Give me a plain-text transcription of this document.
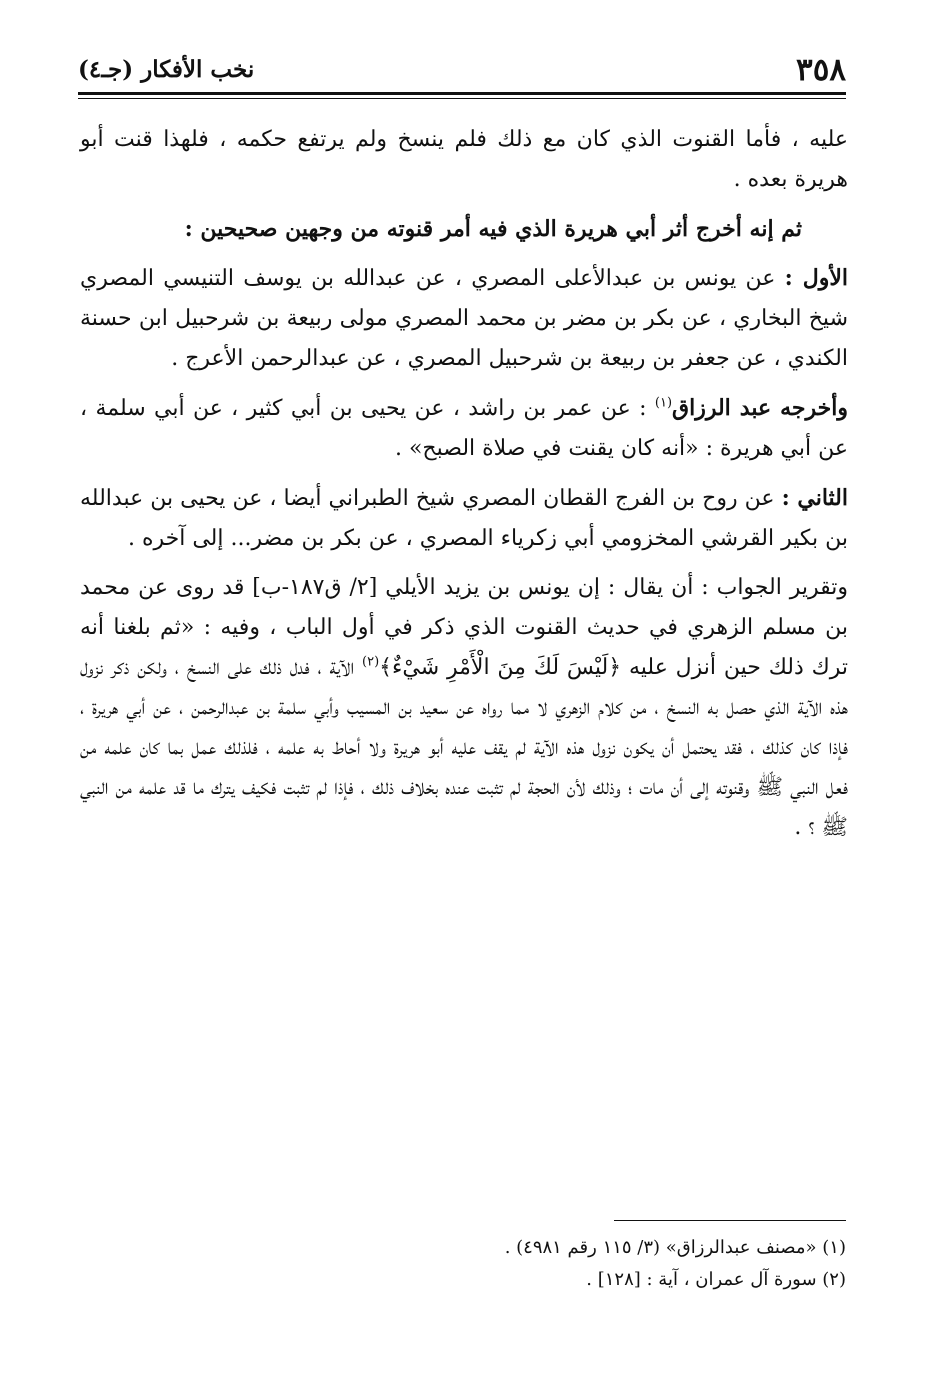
٣٥٨
نخب الأفكار (جـ٤)

عليه ، فأما القنوت الذي كان مع ذلك فلم ينسخ ولم يرتفع حكمه ، فلهذا قنت أبو هريرة بعده .

ثم إنه أخرج أثر أبي هريرة الذي فيه أمر قنوته من وجهين صحيحين :

الأول : عن يونس بن عبدالأعلى المصري ، عن عبدالله بن يوسف التنيسي المصري شيخ البخاري ، عن بكر بن مضر بن محمد المصري مولى ربيعة بن شرحبيل ابن حسنة الكندي ، عن جعفر بن ربيعة بن شرحبيل المصري ، عن عبدالرحمن الأعرج .

وأخرجه عبد الرزاق$^{(١)}$ : عن عمر بن راشد ، عن يحيى بن أبي كثير ، عن أبي سلمة ، عن أبي هريرة : «أنه كان يقنت في صلاة الصبح» .

الثاني : عن روح بن الفرج القطان المصري شيخ الطبراني أيضا ، عن يحيى بن عبدالله بن بكير القرشي المخزومي أبي زكرياء المصري ، عن بكر بن مضر... إلى آخره .

وتقرير الجواب : أن يقال : إن يونس بن يزيد الأيلي [٢/ ق١٨٧-ب] قد روى عن محمد بن مسلم الزهري في حديث القنوت الذي ذكر في أول الباب ، وفيه : «ثم بلغنا أنه ترك ذلك حين أنزل عليه ﴿لَيْسَ لَكَ مِنَ الْأَمْرِ شَيْءٌ﴾$^{(٢)}$ الآية ، فدل ذلك على النسخ ، ولكن ذكر نزول هذه الآية الذي حصل به النسخ ، من كلام الزهري لا مما رواه عن سعيد بن المسيب وأبي سلمة بن عبدالرحمن ، عن أبي هريرة ، فإذا كان كذلك ، فقد يحتمل أن يكون نزول هذه الآية لم يقف عليه أبو هريرة ولا أحاط به علمه ، فلذلك عمل بما كان علمه من فعل النبي ﷺ وقنوته إلى أن مات ؛ وذلك لأن الحجة لم تثبت عنده بخلاف ذلك ، فإذا لم تثبت فكيف يترك ما قد علمه من النبي ﷺ ؟ .

(١) «مصنف عبدالرزاق» (٣/ ١١٥ رقم ٤٩٨١) .

(٢) سورة آل عمران ، آية : [١٢٨] .
